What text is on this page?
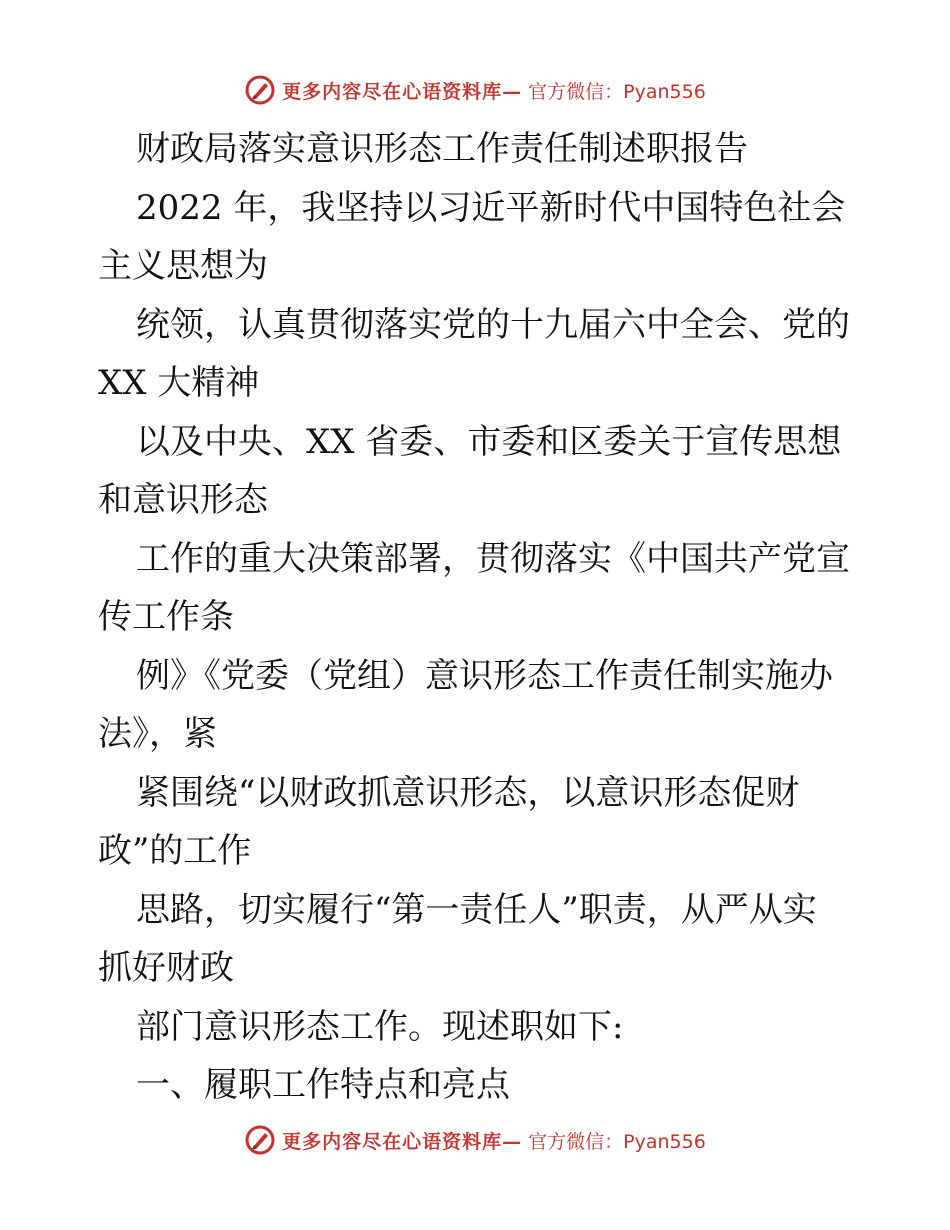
更多内容尽在心语资料库— 官方微信：Pyan556
财政局落实意识形态工作责任制述职报告
2022 年，我坚持以习近平新时代中国特色社会
主义思想为
统领，认真贯彻落实党的十九届六中全会、党的
XX 大精神
以及中央、XX 省委、市委和区委关于宣传思想
和意识形态
工作的重大决策部署，贯彻落实《中国共产党宣
传工作条
例》《党委（党组）意识形态工作责任制实施办
法》，紧
紧围绕“以财政抓意识形态，以意识形态促财
政”的工作
思路，切实履行“第一责任人”职责，从严从实
抓好财政
部门意识形态工作。现述职如下:
一、履职工作特点和亮点
更多内容尽在心语资料库— 官方微信：Pyan556
